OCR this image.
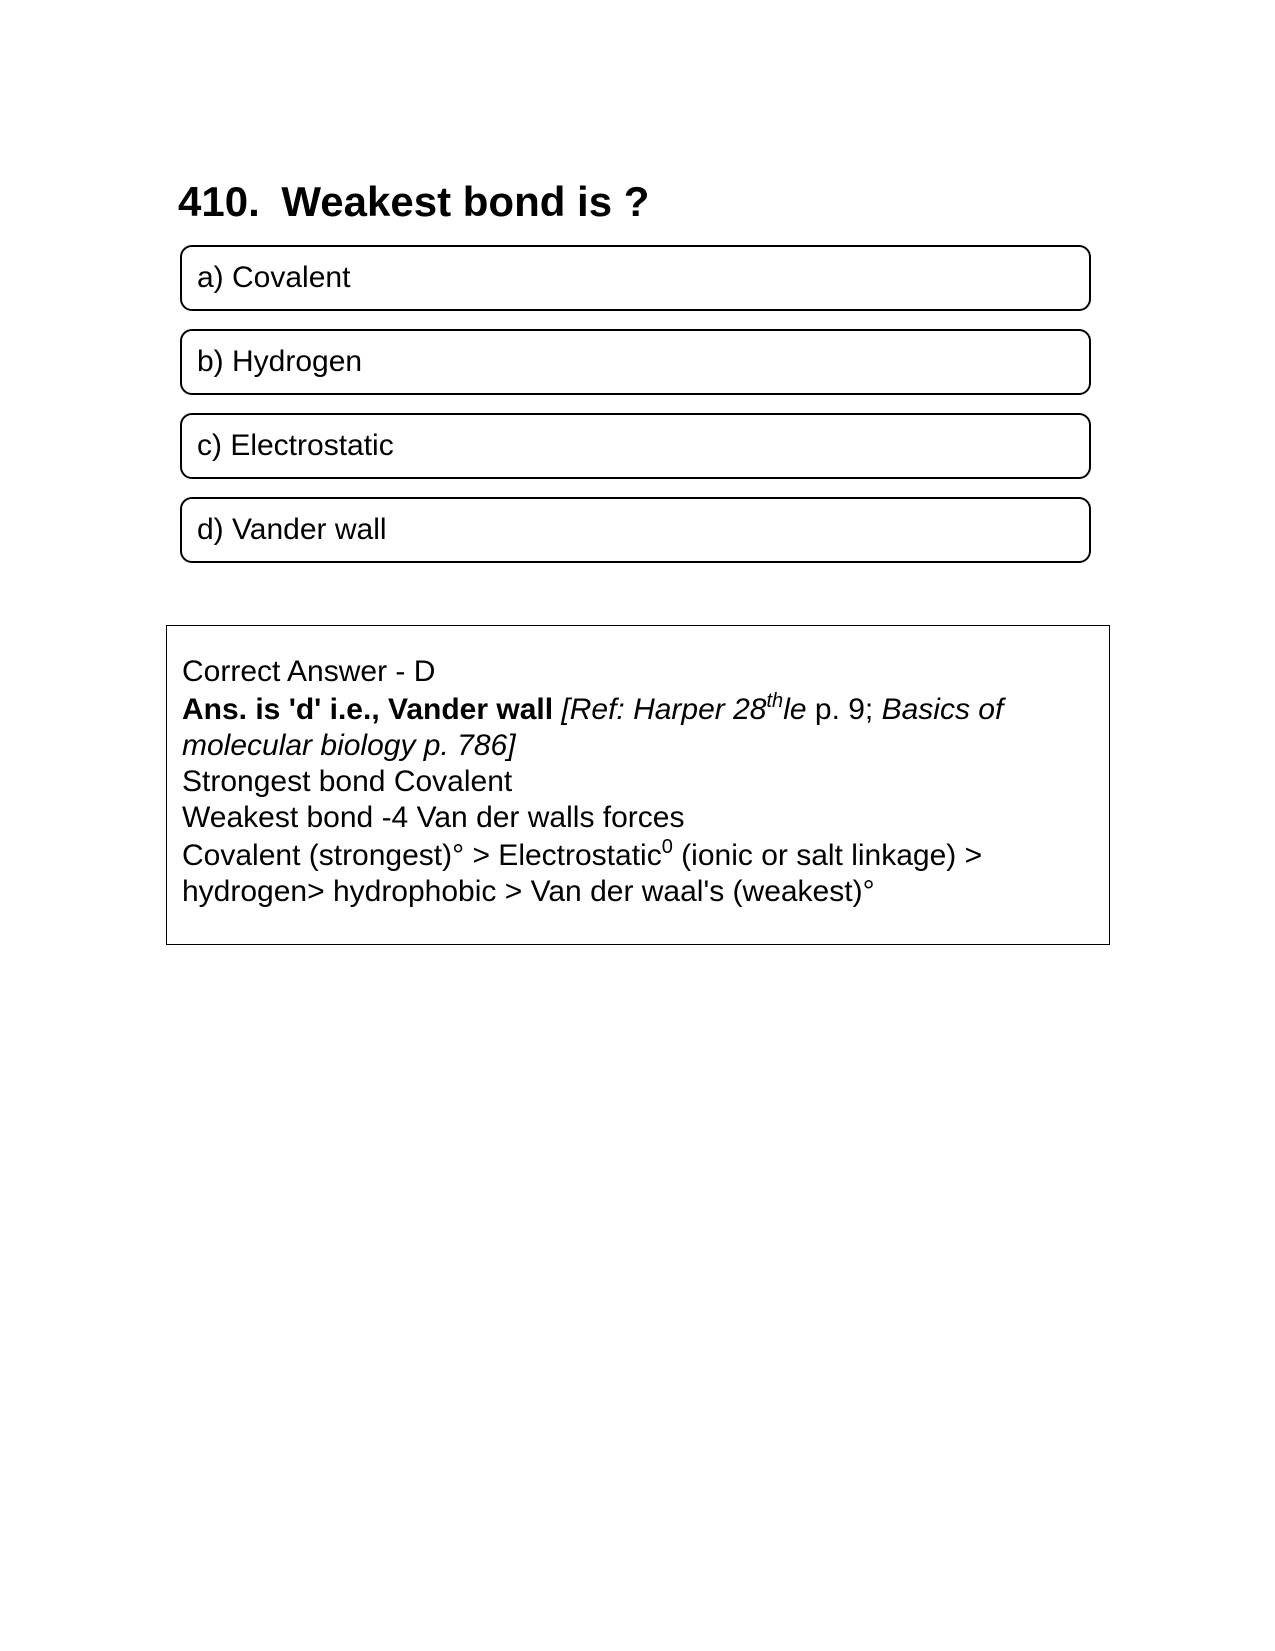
410. Weakest bond is ?
a) Covalent
b) Hydrogen
c) Electrostatic
d) Vander wall
Correct Answer - D
Ans. is 'd' i.e., Vander wall [Ref: Harper 28thle p. 9; Basics of molecular biology p. 786]
Strongest bond Covalent
Weakest bond -4 Van der walls forces
Covalent (strongest)° > Electrostatic$^0$ (ionic or salt linkage) > hydrogen> hydrophobic > Van der waal's (weakest)°
